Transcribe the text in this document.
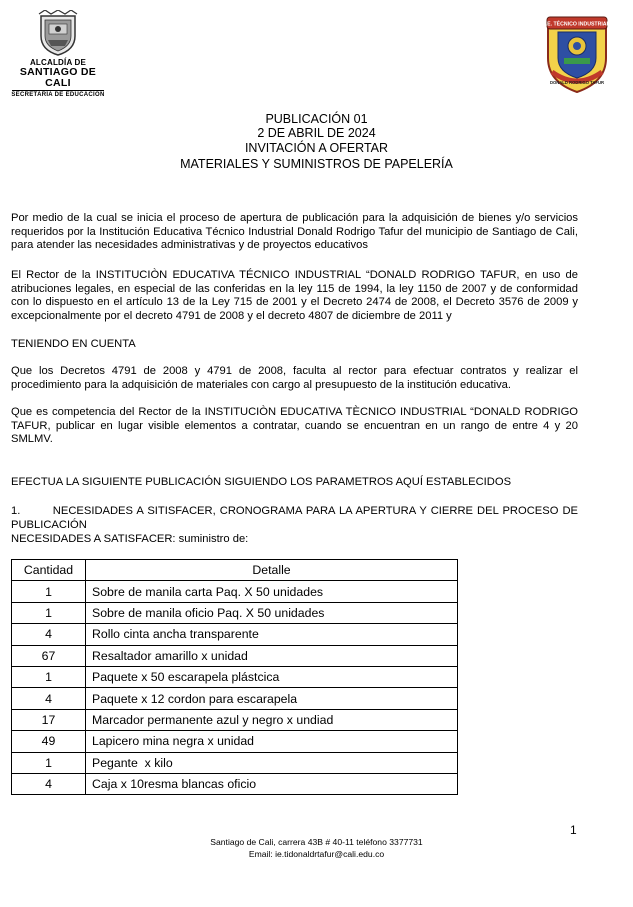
ALCALDÍA DE
SANTIAGO DE CALI
SECRETARÍA DE EDUCACIÓN
I.E. TÉCNICO INDUSTRIAL
DONALD RODRIGO TAFUR
PUBLICACIÓN 01
2 DE ABRIL DE 2024
INVITACIÓN A OFERTAR
MATERIALES Y SUMINISTROS DE PAPELERÍA
Por medio de la cual se inicia el proceso de apertura de publicación para la adquisición de bienes y/o servicios requeridos por la Institución Educativa Técnico Industrial Donald Rodrigo Tafur del municipio de Santiago de Cali, para atender las necesidades administrativas y de proyectos educativos
El Rector de la INSTITUCIÒN EDUCATIVA TÉCNICO INDUSTRIAL “DONALD RODRIGO TAFUR, en uso de atribuciones legales, en especial de las conferidas en la ley 115 de 1994, la ley 1150 de 2007 y de conformidad con lo dispuesto en el artículo 13 de la Ley 715 de 2001 y el Decreto 2474 de 2008, el Decreto 3576 de 2009 y excepcionalmente por el decreto 4791 de 2008 y el decreto 4807 de diciembre de 2011 y
TENIENDO EN CUENTA
Que los Decretos 4791 de 2008 y 4791 de 2008, faculta al rector para efectuar contratos y realizar el procedimiento para la adquisición de materiales con cargo al presupuesto de la institución educativa.
Que es competencia del Rector de la INSTITUCIÒN EDUCATIVA TÈCNICO INDUSTRIAL “DONALD RODRIGO TAFUR, publicar en lugar visible elementos a contratar, cuando se encuentran en un rango de entre 4 y 20 SMLMV.
EFECTUA LA SIGUIENTE PUBLICACIÓN SIGUIENDO LOS PARAMETROS AQUÍ ESTABLECIDOS
1.        NECESIDADES A SITISFACER, CRONOGRAMA PARA LA APERTURA Y CIERRE DEL PROCESO DE PUBLICACIÓN
NECESIDADES A SATISFACER: suministro de:
Cantidad	Detalle
1	Sobre de manila carta Paq. X 50 unidades
1	Sobre de manila oficio Paq. X 50 unidades
4	Rollo cinta ancha transparente
67	Resaltador amarillo x unidad
1	Paquete x 50 escarapela plástcica
4	Paquete x 12 cordon para escarapela
17	Marcador permanente azul y negro x undiad
49	Lapicero mina negra x unidad
1	Pegante  x kilo
4	Caja x 10resma blancas oficio
1
Santiago de Cali, carrera 43B # 40-11 teléfono 3377731
Email: ie.tidonaldrtafur@cali.edu.co
